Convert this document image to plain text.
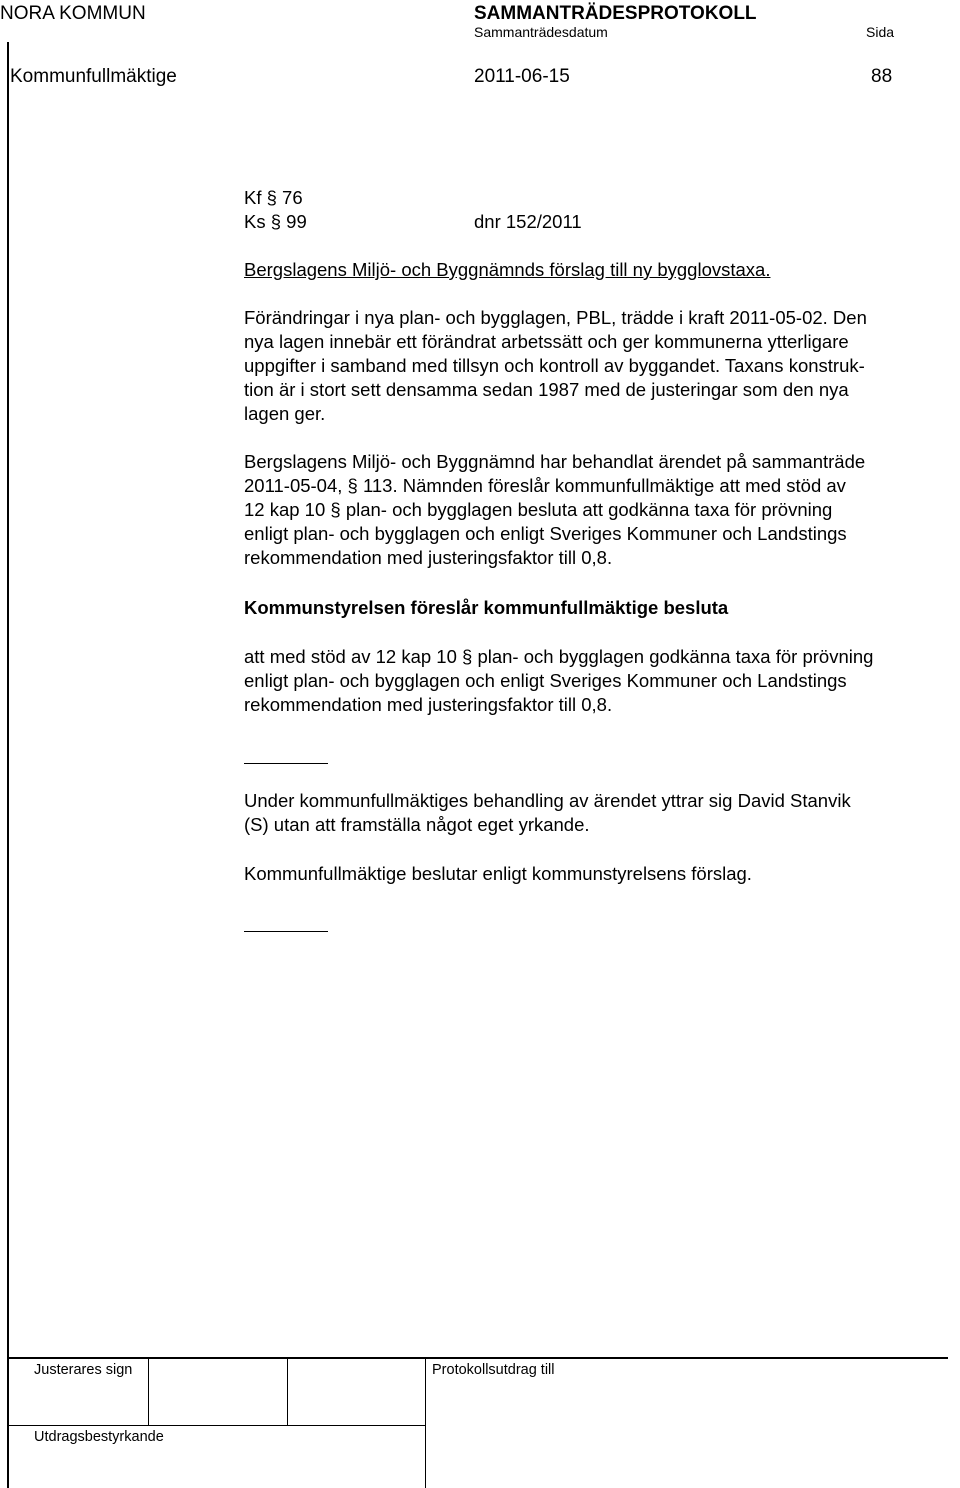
NORA KOMMUN	SAMMANTRÄDESPROTOKOLL
Sammanträdesdatum	Sida
Kommunfullmäktige	2011-06-15	88
Kf § 76
Ks § 99	dnr 152/2011
Bergslagens Miljö- och Byggnämnds förslag till ny bygglovstaxa.
Förändringar i nya plan- och bygglagen, PBL, trädde i kraft 2011-05-02. Den
nya lagen innebär ett förändrat arbetssätt och ger kommunerna ytterligare
uppgifter i samband med tillsyn och kontroll av byggandet. Taxans konstruk-
tion är i stort sett densamma sedan 1987 med de justeringar som den nya
lagen ger.
Bergslagens Miljö- och Byggnämnd har behandlat ärendet på sammanträde
2011-05-04, § 113. Nämnden föreslår kommunfullmäktige att med stöd av
12 kap 10 § plan- och bygglagen besluta att godkänna taxa för prövning
enligt plan- och bygglagen och enligt Sveriges Kommuner och Landstings
rekommendation med justeringsfaktor till 0,8.
Kommunstyrelsen föreslår kommunfullmäktige besluta
att med stöd av 12 kap 10 § plan- och bygglagen godkänna taxa för prövning
enligt plan- och bygglagen och enligt Sveriges Kommuner och Landstings
rekommendation med justeringsfaktor till 0,8.
Under kommunfullmäktiges behandling av ärendet yttrar sig David Stanvik
(S) utan att framställa något eget yrkande.
Kommunfullmäktige beslutar enligt kommunstyrelsens förslag.
Justerares sign	Protokollsutdrag till
Utdragsbestyrkande
